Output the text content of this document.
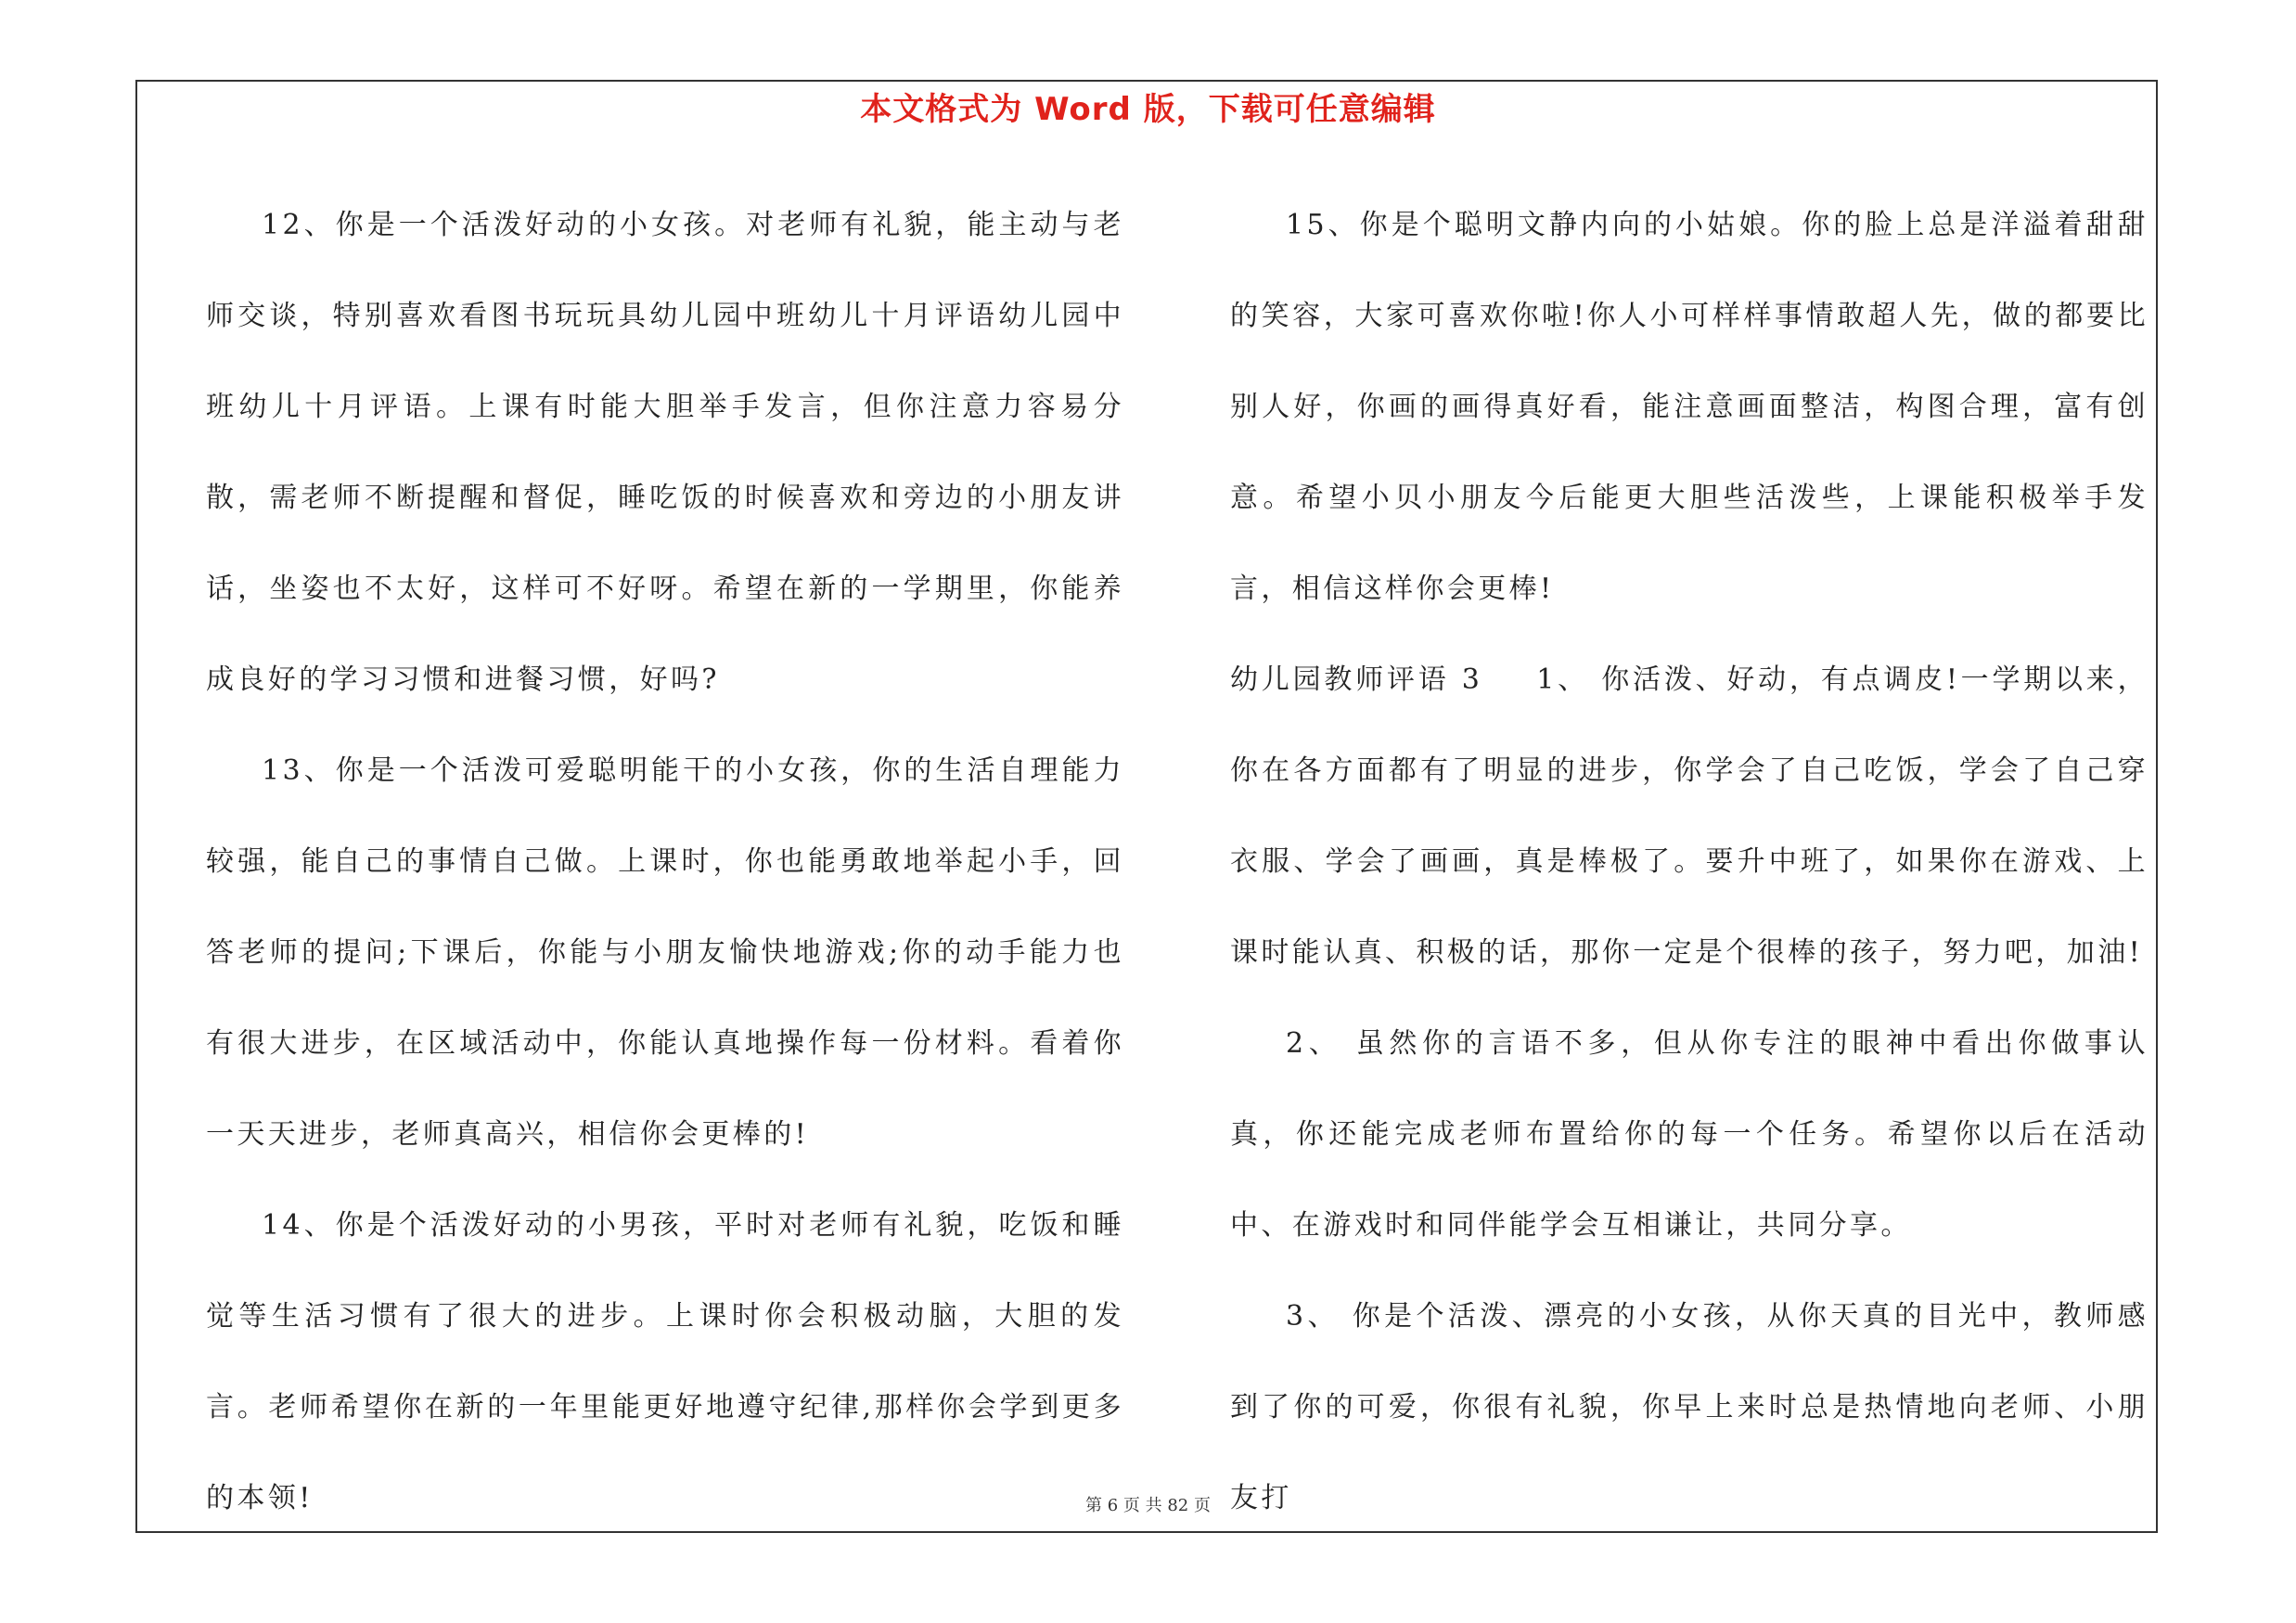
本文格式为 Word 版，下载可任意编辑

12、你是一个活泼好动的小女孩。对老师有礼貌，能主动与老师交谈，特别喜欢看图书玩玩具幼儿园中班幼儿十月评语幼儿园中班幼儿十月评语。上课有时能大胆举手发言，但你注意力容易分散，需老师不断提醒和督促，睡吃饭的时候喜欢和旁边的小朋友讲话，坐姿也不太好，这样可不好呀。希望在新的一学期里，你能养成良好的学习习惯和进餐习惯，好吗?

13、你是一个活泼可爱聪明能干的小女孩，你的生活自理能力较强，能自己的事情自己做。上课时，你也能勇敢地举起小手，回答老师的提问;下课后，你能与小朋友愉快地游戏;你的动手能力也有很大进步，在区域活动中，你能认真地操作每一份材料。看着你一天天进步，老师真高兴，相信你会更棒的!

14、你是个活泼好动的小男孩，平时对老师有礼貌，吃饭和睡觉等生活习惯有了很大的进步。上课时你会积极动脑，大胆的发言。老师希望你在新的一年里能更好地遵守纪律,那样你会学到更多的本领!

15、你是个聪明文静内向的小姑娘。你的脸上总是洋溢着甜甜的笑容，大家可喜欢你啦!你人小可样样事情敢超人先，做的都要比别人好，你画的画得真好看，能注意画面整洁，构图合理，富有创意。希望小贝小朋友今后能更大胆些活泼些，上课能积极举手发言，相信这样你会更棒!

幼儿园教师评语 3 1、 你活泼、好动，有点调皮!一学期以来，你在各方面都有了明显的进步，你学会了自己吃饭，学会了自己穿衣服、学会了画画，真是棒极了。要升中班了，如果你在游戏、上课时能认真、积极的话，那你一定是个很棒的孩子，努力吧，加油!

2、 虽然你的言语不多，但从你专注的眼神中看出你做事认真，你还能完成老师布置给你的每一个任务。希望你以后在活动中、在游戏时和同伴能学会互相谦让，共同分享。

3、 你是个活泼、漂亮的小女孩，从你天真的目光中，教师感到了你的可爱，你很有礼貌，你早上来时总是热情地向老师、小朋友打

第 6 页 共 82 页
